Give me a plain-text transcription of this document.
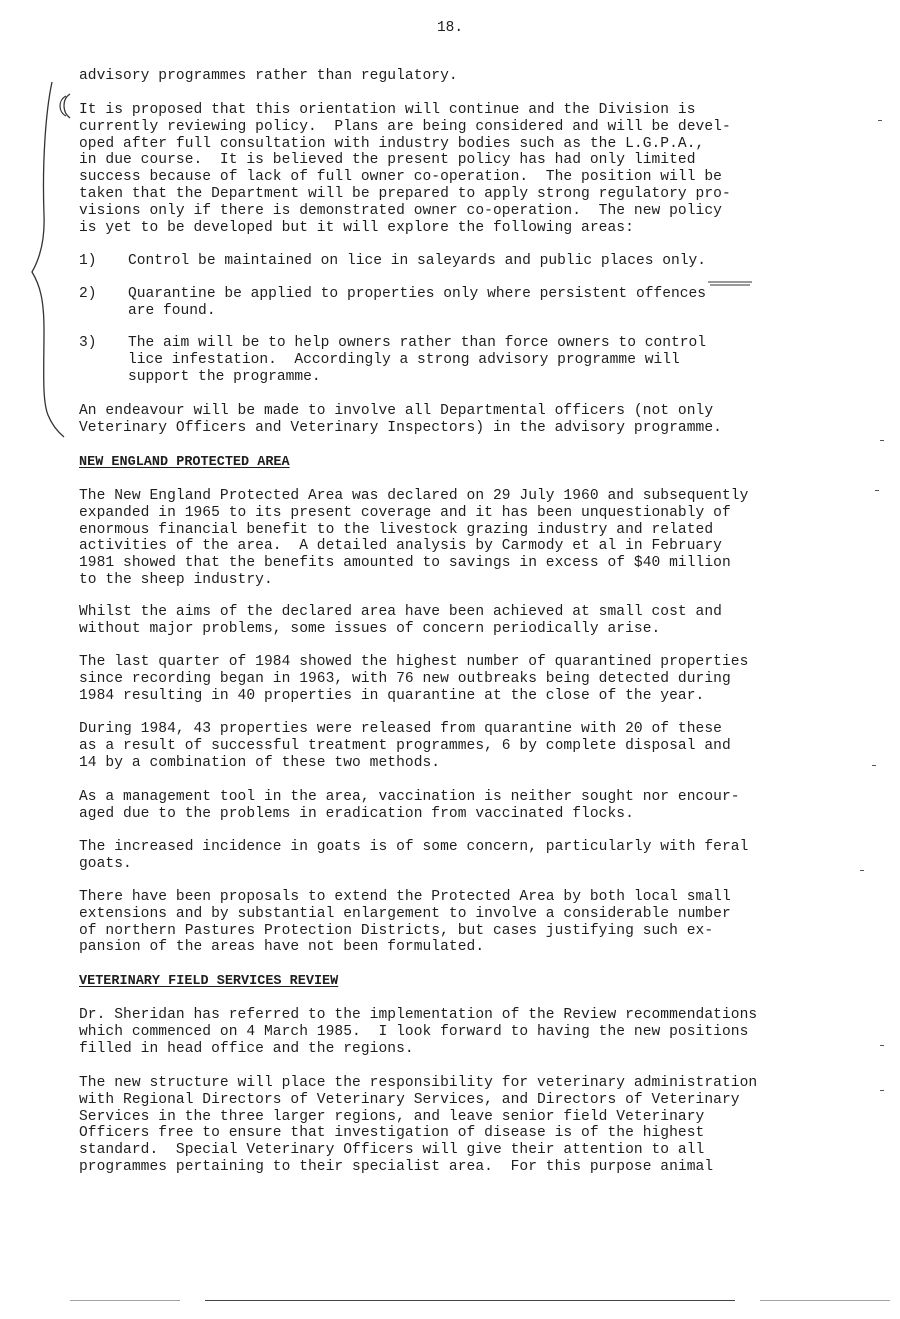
18.
advisory programmes rather than regulatory.
It is proposed that this orientation will continue and the Division is
currently reviewing policy.  Plans are being considered and will be devel-
oped after full consultation with industry bodies such as the L.G.P.A.,
in due course.  It is believed the present policy has had only limited
success because of lack of full owner co-operation.  The position will be
taken that the Department will be prepared to apply strong regulatory pro-
visions only if there is demonstrated owner co-operation.  The new policy
is yet to be developed but it will explore the following areas:
1) Control be maintained on lice in saleyards and public places only.
2) Quarantine be applied to properties only where persistent offences
are found.
3) The aim will be to help owners rather than force owners to control
lice infestation.  Accordingly a strong advisory programme will
support the programme.
An endeavour will be made to involve all Departmental officers (not only
Veterinary Officers and Veterinary Inspectors) in the advisory programme.
NEW ENGLAND PROTECTED AREA
The New England Protected Area was declared on 29 July 1960 and subsequently
expanded in 1965 to its present coverage and it has been unquestionably of
enormous financial benefit to the livestock grazing industry and related
activities of the area.  A detailed analysis by Carmody et al in February
1981 showed that the benefits amounted to savings in excess of $40 million
to the sheep industry.
Whilst the aims of the declared area have been achieved at small cost and
without major problems, some issues of concern periodically arise.
The last quarter of 1984 showed the highest number of quarantined properties
since recording began in 1963, with 76 new outbreaks being detected during
1984 resulting in 40 properties in quarantine at the close of the year.
During 1984, 43 properties were released from quarantine with 20 of these
as a result of successful treatment programmes, 6 by complete disposal and
14 by a combination of these two methods.
As a management tool in the area, vaccination is neither sought nor encour-
aged due to the problems in eradication from vaccinated flocks.
The increased incidence in goats is of some concern, particularly with feral
goats.
There have been proposals to extend the Protected Area by both local small
extensions and by substantial enlargement to involve a considerable number
of northern Pastures Protection Districts, but cases justifying such ex-
pansion of the areas have not been formulated.
VETERINARY FIELD SERVICES REVIEW
Dr. Sheridan has referred to the implementation of the Review recommendations
which commenced on 4 March 1985.  I look forward to having the new positions
filled in head office and the regions.
The new structure will place the responsibility for veterinary administration
with Regional Directors of Veterinary Services, and Directors of Veterinary
Services in the three larger regions, and leave senior field Veterinary
Officers free to ensure that investigation of disease is of the highest
standard.  Special Veterinary Officers will give their attention to all
programmes pertaining to their specialist area.  For this purpose animal
